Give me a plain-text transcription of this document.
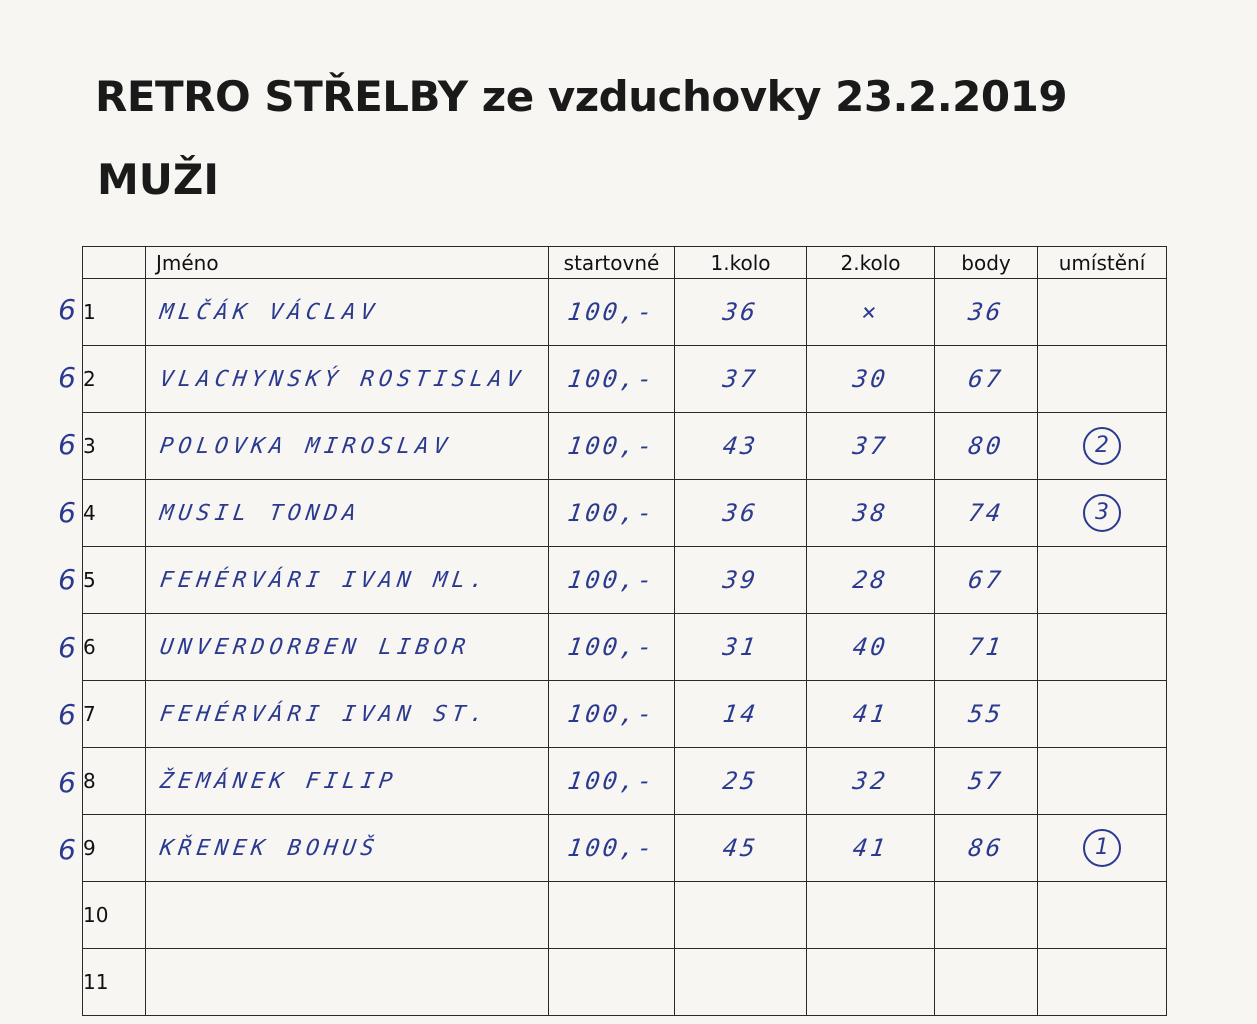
RETRO STŘELBY ze vzduchovky 23.2.2019
MUŽI
6
6
6
6
6
6
6
6
6
	Jméno	startovné	1.kolo	2.kolo	body	umístění
1	MLČÁK VÁCLAV	100,-	36	×	36	

2	VLACHYNSKÝ ROSTISLAV	100,-	37	30	67	

3	POLOVKA MIROSLAV	100,-	43	37	80	2
4	MUSIL TONDA	100,-	36	38	74	3
5	FEHÉRVÁRI IVAN ML.	100,-	39	28	67	

6	UNVERDORBEN LIBOR	100,-	31	40	71	

7	FEHÉRVÁRI IVAN ST.	100,-	14	41	55	

8	ŽEMÁNEK FILIP	100,-	25	32	57	

9	KŘENEK BOHUŠ	100,-	45	41	86	1
10	

11	
